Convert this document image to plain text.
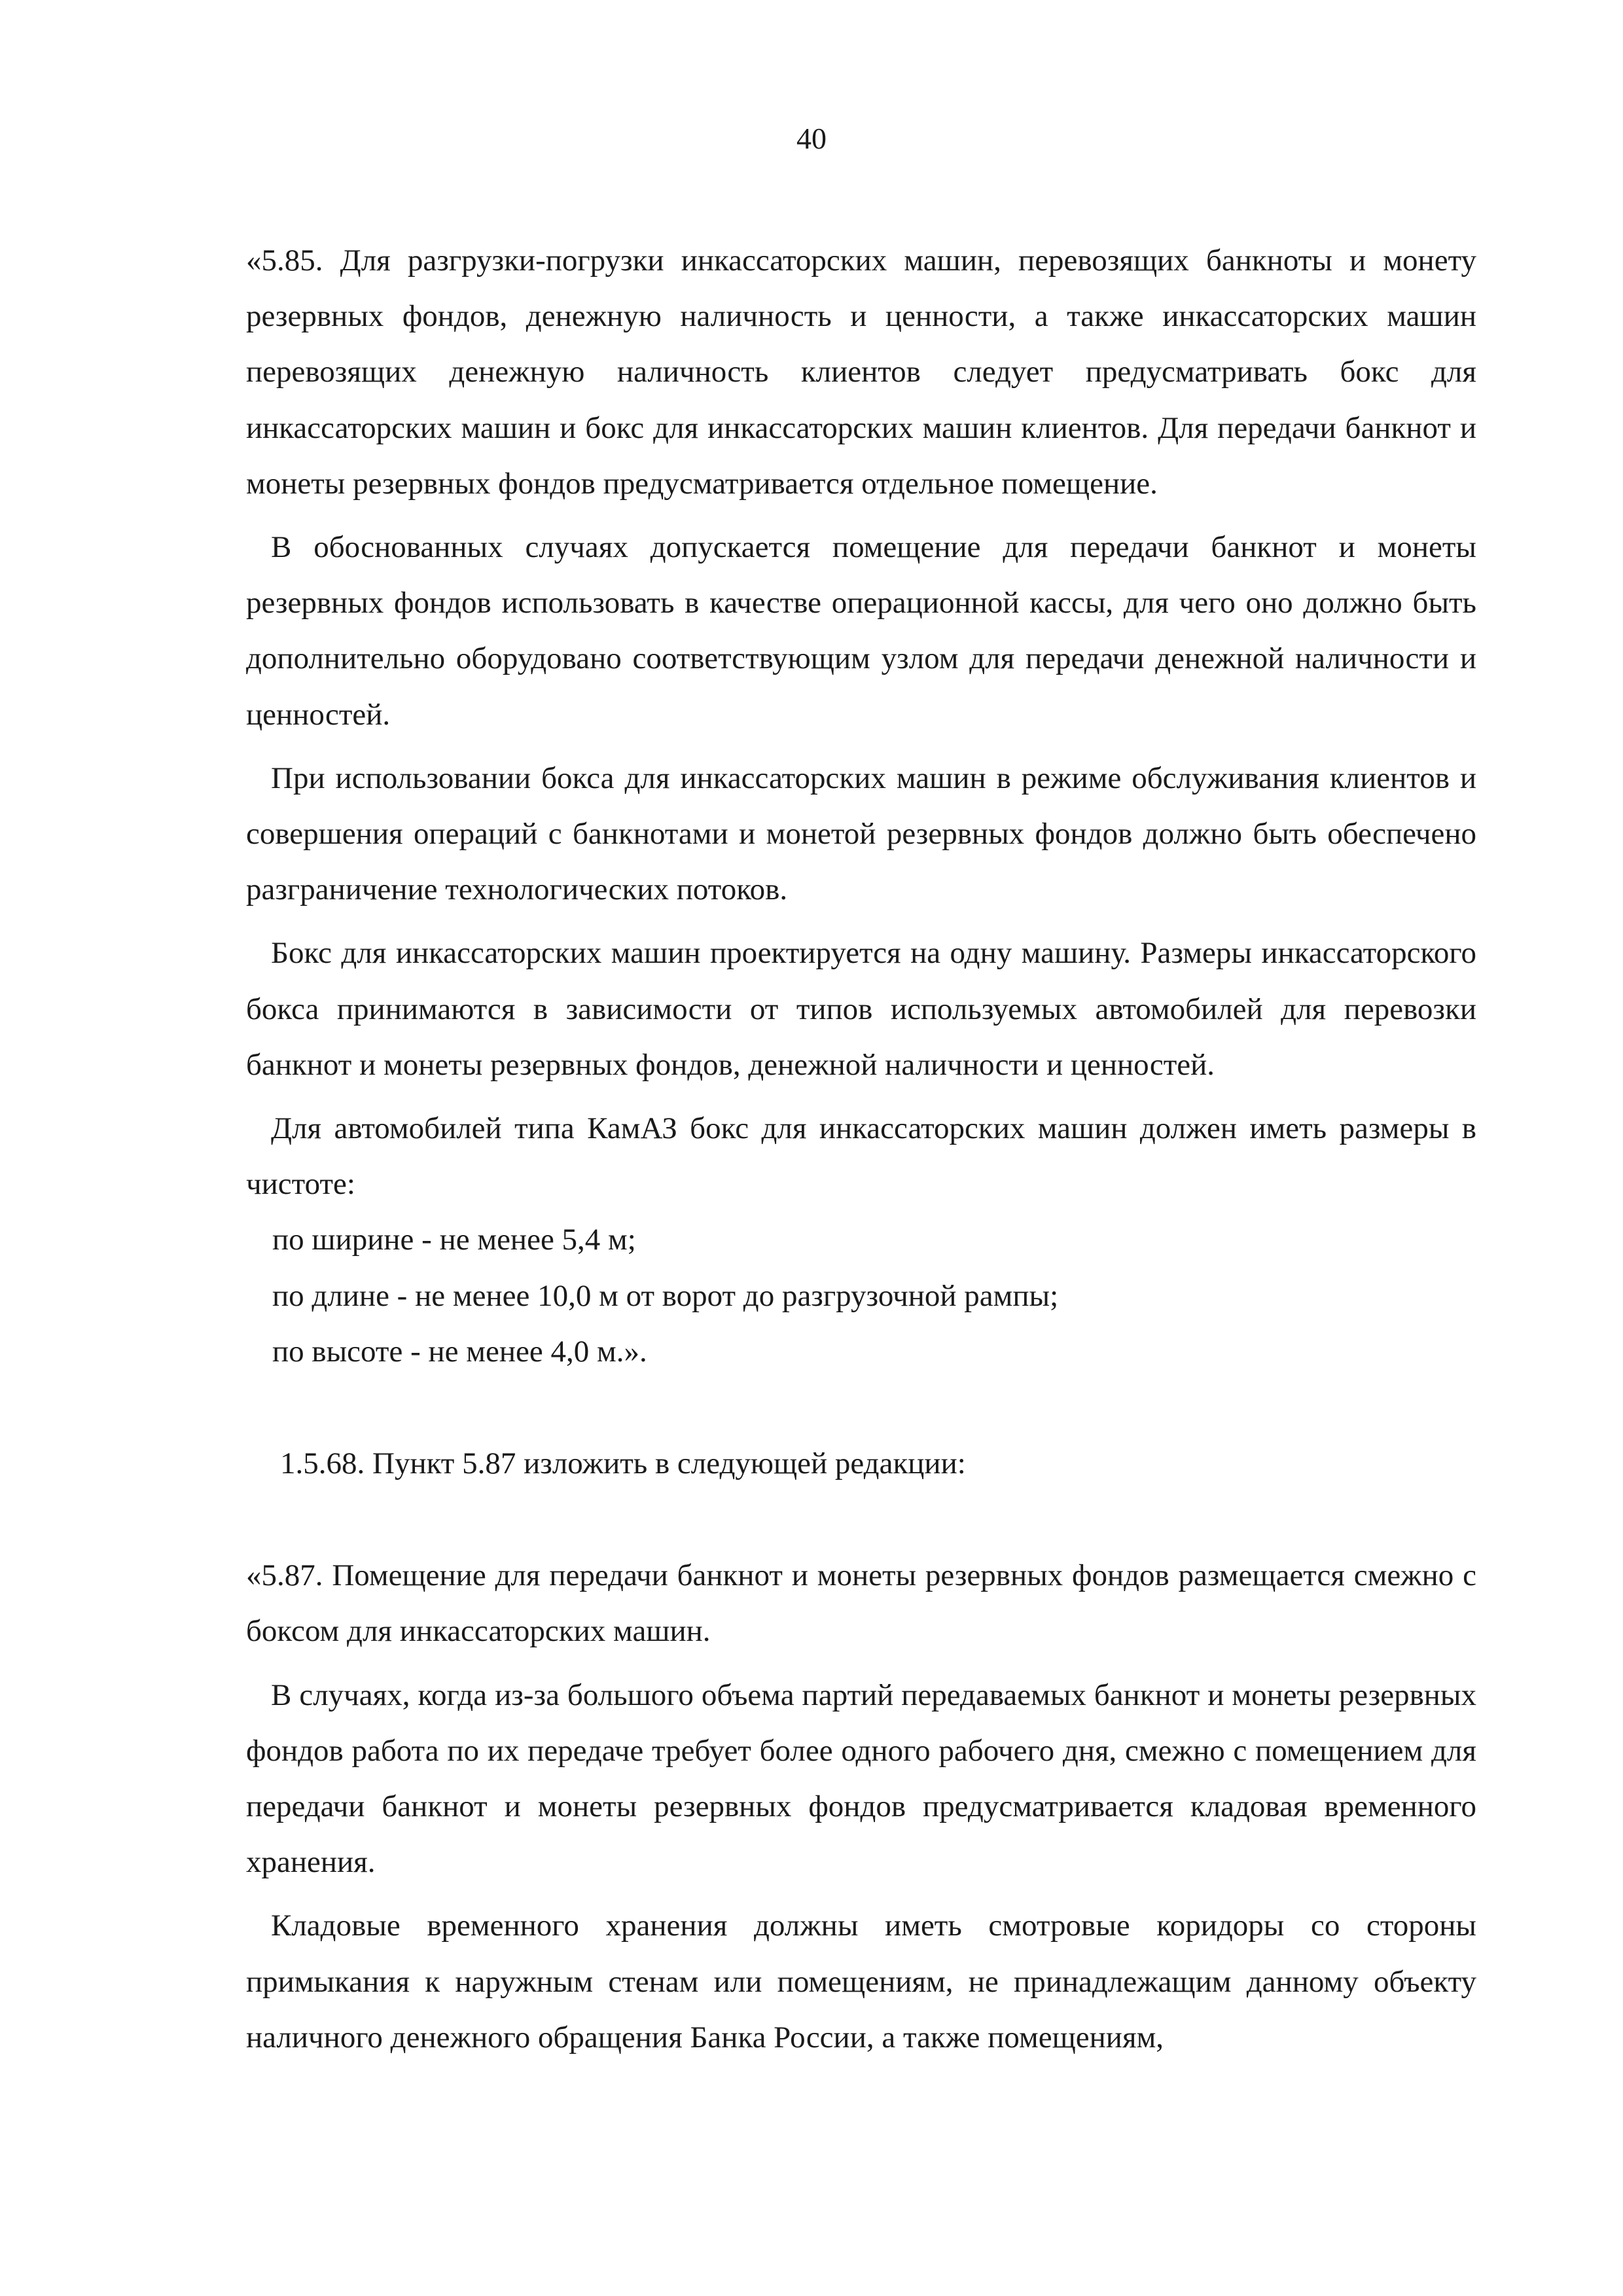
40

«5.85. Для разгрузки-погрузки инкассаторских машин, перевозящих банкноты и монету резервных фондов, денежную наличность и ценности, а также инкассаторских машин перевозящих денежную наличность клиентов следует предусматривать бокс для инкассаторских машин и бокс для инкассаторских машин клиентов. Для передачи банкнот и монеты резервных фондов предусматривается отдельное помещение.

В обоснованных случаях допускается помещение для передачи банкнот и монеты резервных фондов использовать в качестве операционной кассы, для чего оно должно быть дополнительно оборудовано соответствующим узлом для передачи денежной наличности и ценностей.

При использовании бокса для инкассаторских машин в режиме обслуживания клиентов и совершения операций с банкнотами и монетой резервных фондов должно быть обеспечено разграничение технологических потоков.

Бокс для инкассаторских машин проектируется на одну машину. Размеры инкассаторского бокса принимаются в зависимости от типов используемых автомобилей для перевозки банкнот и монеты резервных фондов, денежной наличности и ценностей.

Для автомобилей типа КамАЗ бокс для инкассаторских машин должен иметь размеры в чистоте:

по ширине - не менее 5,4 м;

по длине - не менее 10,0 м от ворот до разгрузочной рампы;

по высоте - не менее 4,0 м.».

1.5.68. Пункт 5.87 изложить в следующей редакции:

«5.87. Помещение для передачи банкнот и монеты резервных фондов размещается смежно с боксом для инкассаторских машин.

В случаях, когда из-за большого объема партий передаваемых банкнот и монеты резервных фондов работа по их передаче требует более одного рабочего дня, смежно с помещением для передачи банкнот и монеты резервных фондов предусматривается кладовая временного хранения.

Кладовые временного хранения должны иметь смотровые коридоры со стороны примыкания к наружным стенам или помещениям, не принадлежащим данному объекту наличного денежного обращения Банка России, а также помещениям,
